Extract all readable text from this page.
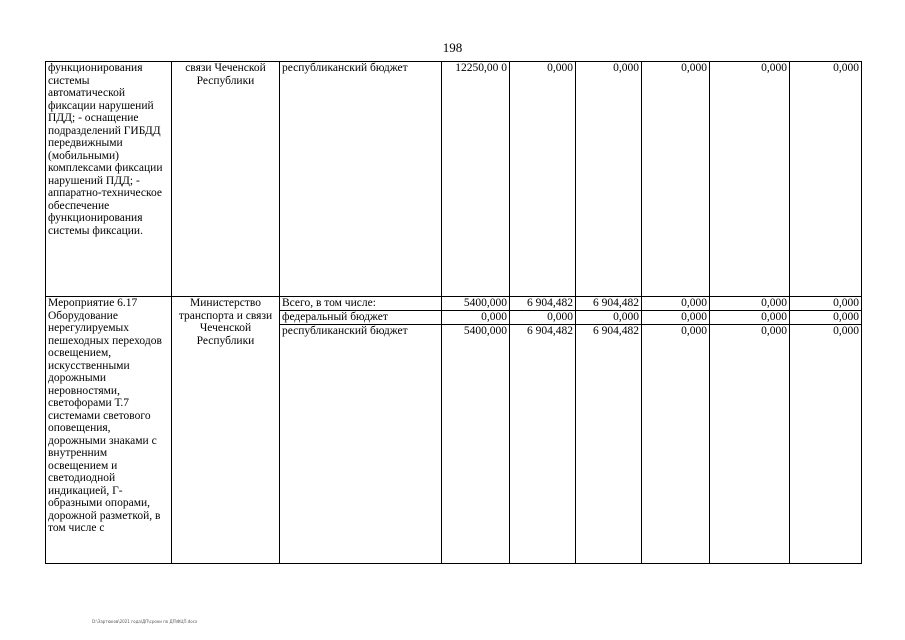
198
функционирования системы автоматической фиксации нарушений ПДД; - оснащение подразделений ГИБДД передвижными (мобильными) комплексами фиксации нарушений ПДД; - аппаратно-техническое обеспечение функционирования системы фиксации.	связи Чеченской Республики	республиканский бюджет	12250,00 0	0,000	0,000	0,000	0,000	0,000
Мероприятие 6.17 Оборудование нерегулируемых пешеходных переходов освещением, искусственными дорожными неровностями, светофорами Т.7 системами светового оповещения, дорожными знаками с внутренним освещением и светодиодной индикацией, Г-образными опорами, дорожной разметкой, в том числе с	Министерство транспорта и связи Чеченской Республики	Всего, в том числе:	5400,000	6 904,482	6 904,482	0,000	0,000	0,000
		федеральный бюджет	0,000	0,000	0,000	0,000	0,000	0,000
		республиканский бюджет	5400,000	6 904,482	6 904,482	0,000	0,000	0,000
D:\Зартюков\2021 года\ДП\сроки по ДП\ФЦП.docx
